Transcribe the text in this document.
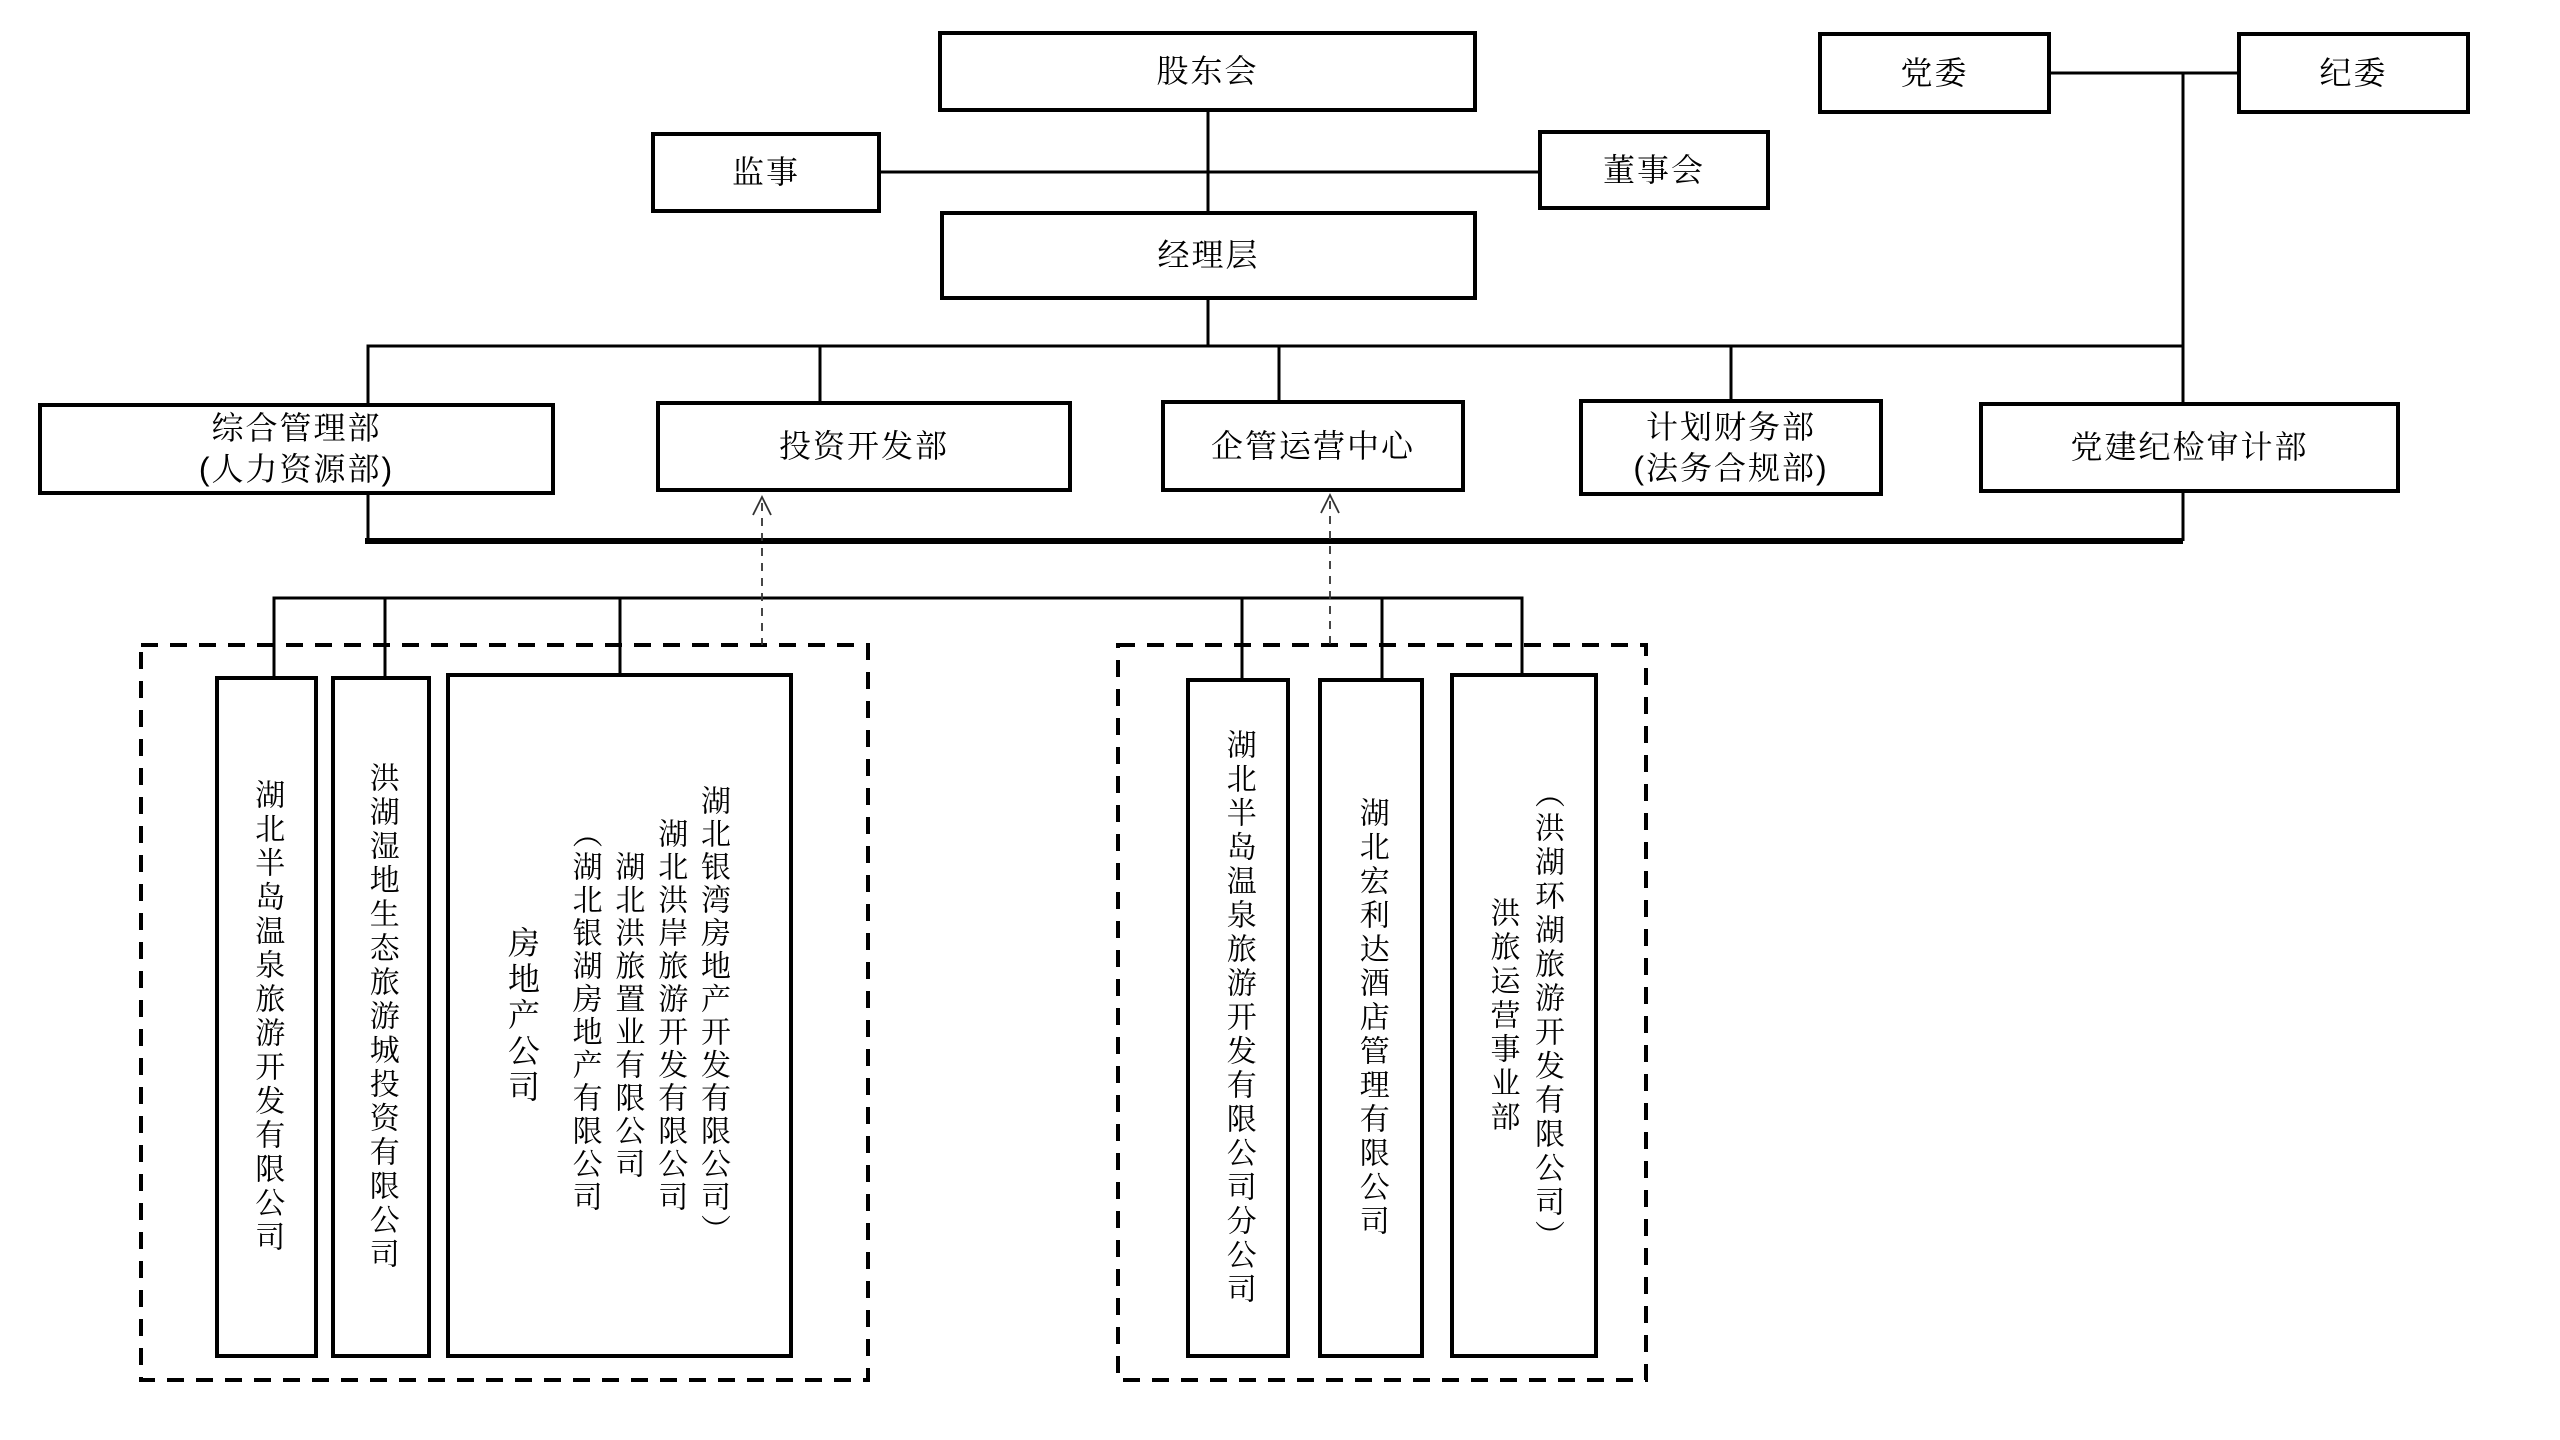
股东会
监事	董事会
经理层
党委	纪委
综合管理部
(人力资源部)
投资开发部	企管运营中心
计划财务部
(法务合规部)
党建纪检审计部
湖北半岛温泉旅游开发有限公司	洪湖湿地生态旅游城投资有限公司	房地产公司 （湖北银湖房地产有限公司 湖北洪旅置业有限公司 湖北洪岸旅游开发有限公司 湖北银湾房地产开发有限公司）	湖北半岛温泉旅游开发有限公司分公司	湖北宏利达酒店管理有限公司	（洪湖环湖旅游开发有限公司）
洪旅运营事业部
